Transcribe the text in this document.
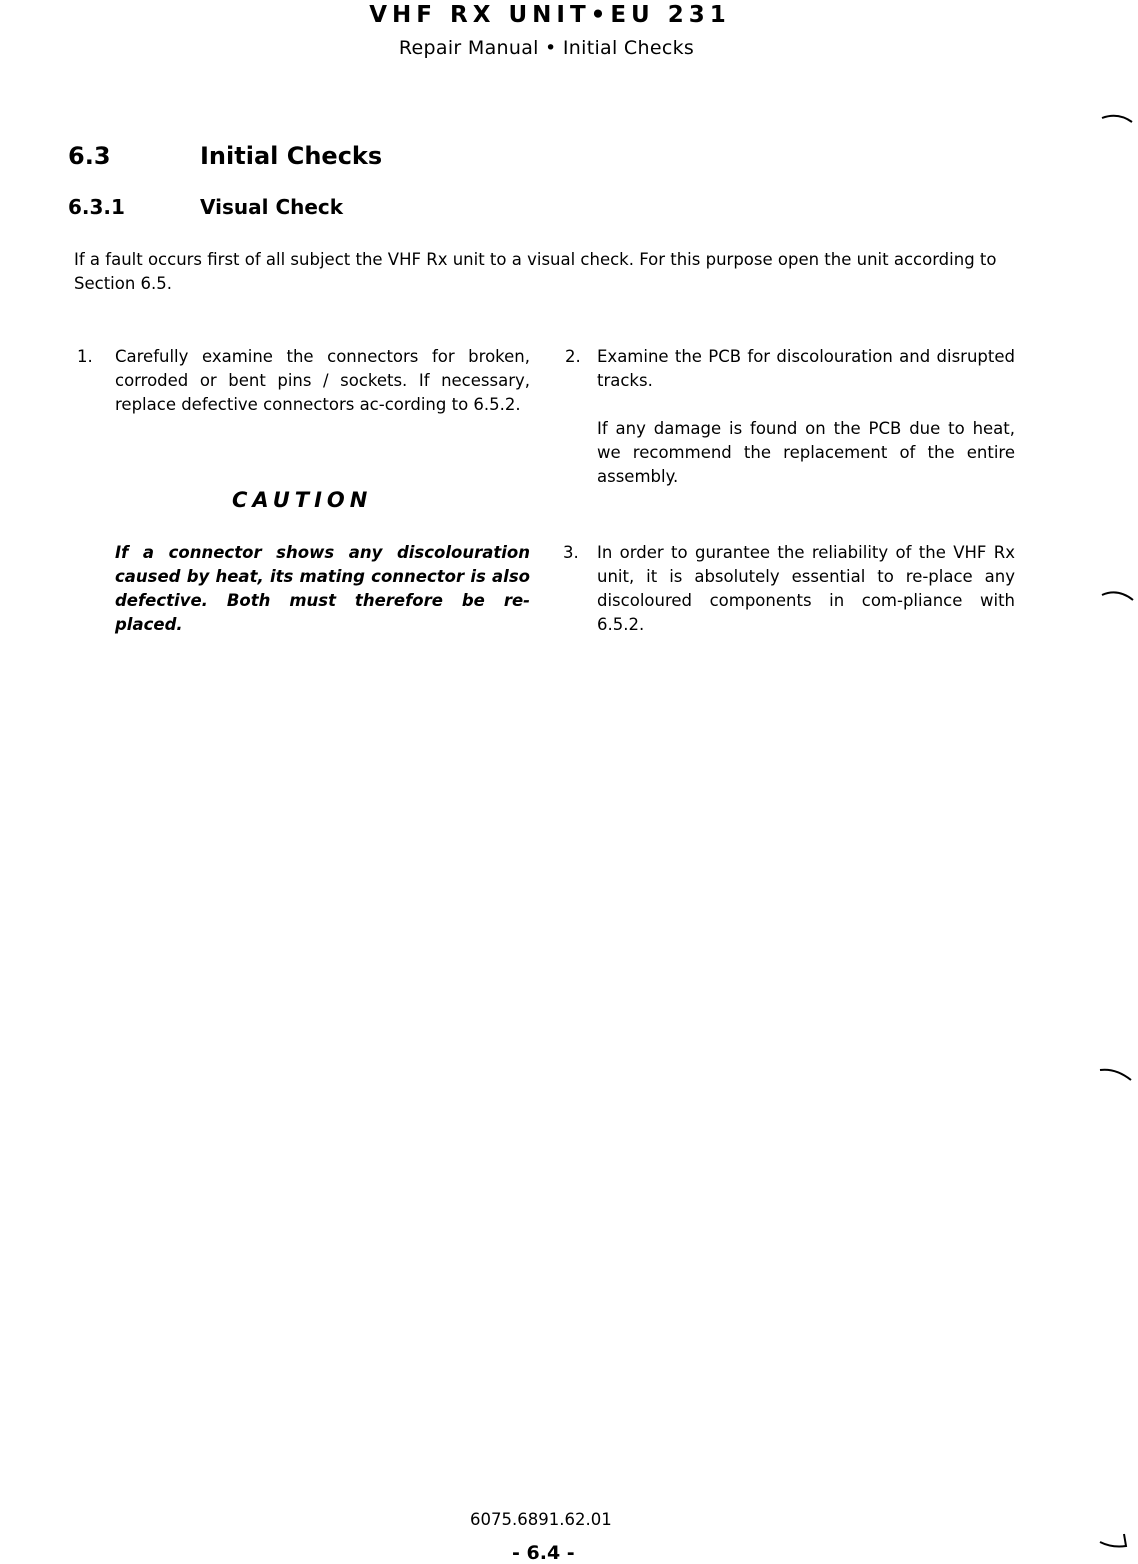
VHF RX UNIT•EU 231
Repair Manual • Initial Checks
6.3	Initial Checks
6.3.1	Visual Check
If a fault occurs first of all subject the VHF Rx unit to a visual check. For this purpose open the unit according to Section 6.5.
1. Carefully examine the connectors for broken, corroded or bent pins / sockets. If necessary, replace defective connectors ac-cording to 6.5.2.

CAUTION
If a connector shows any discolouration caused by heat, its mating connector is also defective. Both must therefore be re-placed.
2. Examine the PCB for discolouration and disrupted tracks.

If any damage is found on the PCB due to heat, we recommend the replacement of the entire assembly.

3. In order to gurantee the reliability of the VHF Rx unit, it is absolutely essential to re-place any discoloured components in com-pliance with 6.5.2.

6075.6891.62.01
- 6.4 -
